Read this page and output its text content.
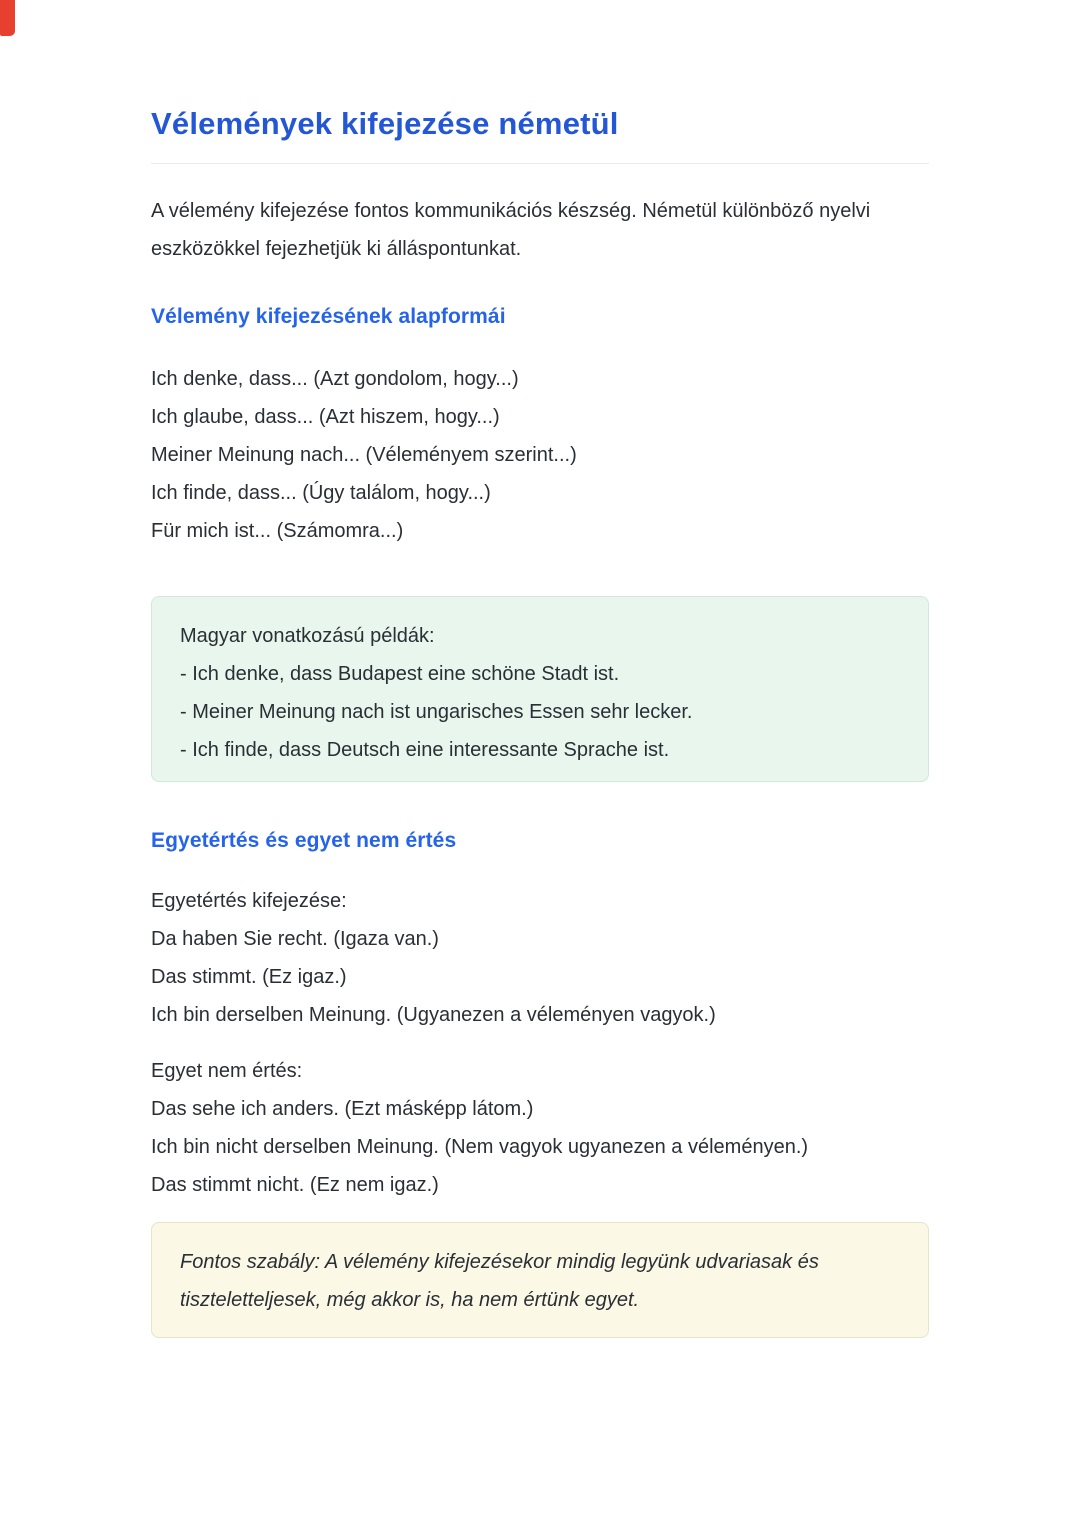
Vélemények kifejezése németül

A vélemény kifejezése fontos kommunikációs készség. Németül különböző nyelvi eszközökkel fejezhetjük ki álláspontunkat.

Vélemény kifejezésének alapformái
Ich denke, dass... (Azt gondolom, hogy...)
Ich glaube, dass... (Azt hiszem, hogy...)
Meiner Meinung nach... (Véleményem szerint...)
Ich finde, dass... (Úgy találom, hogy...)
Für mich ist... (Számomra...)
Magyar vonatkozású példák:
- Ich denke, dass Budapest eine schöne Stadt ist.
- Meiner Meinung nach ist ungarisches Essen sehr lecker.
- Ich finde, dass Deutsch eine interessante Sprache ist.
Egyetértés és egyet nem értés
Egyetértés kifejezése:
Da haben Sie recht. (Igaza van.)
Das stimmt. (Ez igaz.)
Ich bin derselben Meinung. (Ugyanezen a véleményen vagyok.)
Egyet nem értés:
Das sehe ich anders. (Ezt másképp látom.)
Ich bin nicht derselben Meinung. (Nem vagyok ugyanezen a véleményen.)
Das stimmt nicht. (Ez nem igaz.)

Fontos szabály: A vélemény kifejezésekor mindig legyünk udvariasak és tiszteletteljesek, még akkor is, ha nem értünk egyet.
